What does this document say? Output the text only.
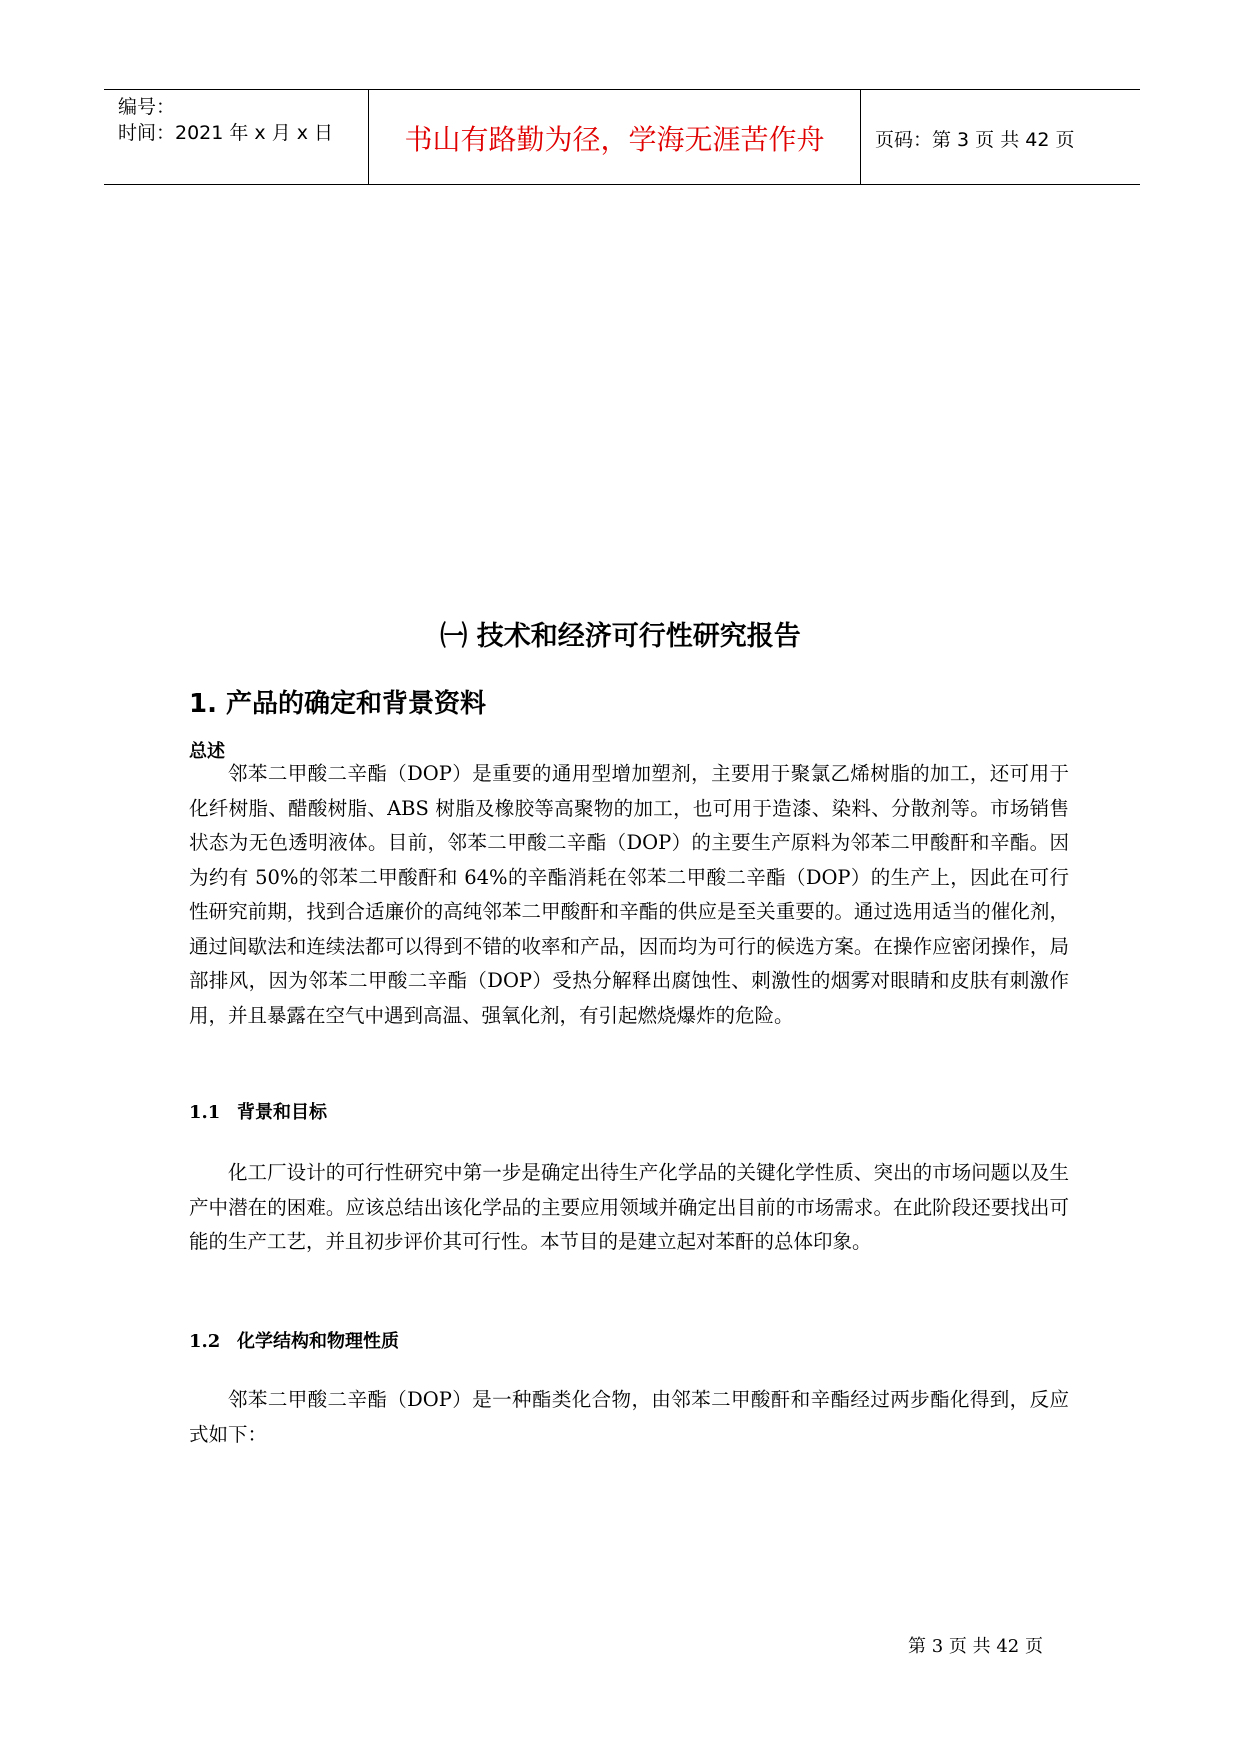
编号：
时间：2021 年 x 月 x 日	书山有路勤为径，学海无涯苦作舟	页码：第 3 页 共 42 页
㈠ 技术和经济可行性研究报告
1. 产品的确定和背景资料
总述

邻苯二甲酸二辛酯（DOP）是重要的通用型增加塑剂，主要用于聚氯乙烯树脂的加工，还可用于化纤树脂、醋酸树脂、ABS 树脂及橡胶等高聚物的加工，也可用于造漆、染料、分散剂等。市场销售状态为无色透明液体。目前，邻苯二甲酸二辛酯（DOP）的主要生产原料为邻苯二甲酸酐和辛酯。因为约有 50%的邻苯二甲酸酐和 64%的辛酯消耗在邻苯二甲酸二辛酯（DOP）的生产上，因此在可行性研究前期，找到合适廉价的高纯邻苯二甲酸酐和辛酯的供应是至关重要的。通过选用适当的催化剂，通过间歇法和连续法都可以得到不错的收率和产品，因而均为可行的候选方案。在操作应密闭操作，局部排风，因为邻苯二甲酸二辛酯（DOP）受热分解释出腐蚀性、刺激性的烟雾对眼睛和皮肤有刺激作用，并且暴露在空气中遇到高温、强氧化剂，有引起燃烧爆炸的危险。

1.1 背景和目标

化工厂设计的可行性研究中第一步是确定出待生产化学品的关键化学性质、突出的市场问题以及生产中潜在的困难。应该总结出该化学品的主要应用领域并确定出目前的市场需求。在此阶段还要找出可能的生产工艺，并且初步评价其可行性。本节目的是建立起对苯酐的总体印象。

1.2 化学结构和物理性质

邻苯二甲酸二辛酯（DOP）是一种酯类化合物，由邻苯二甲酸酐和辛酯经过两步酯化得到，反应式如下：

第 3 页 共 42 页
